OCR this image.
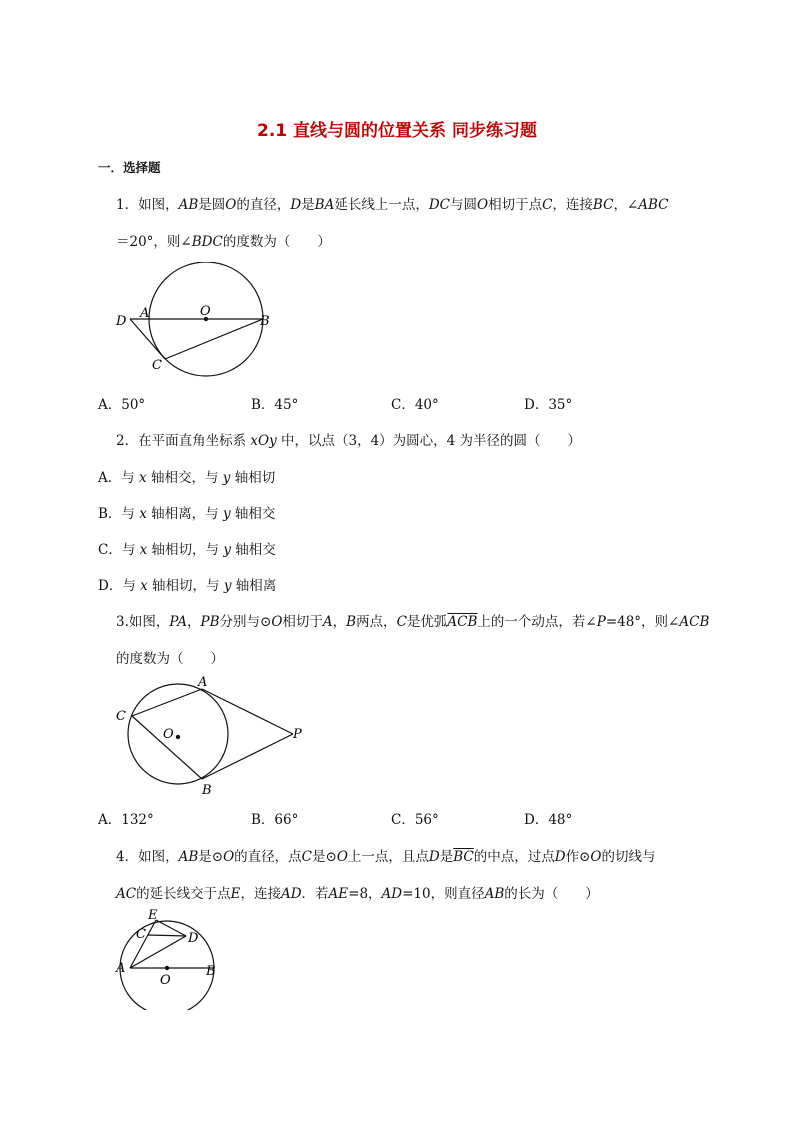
2.1 直线与圆的位置关系 同步练习题
一．选择题
1．如图，AB是圆O的直径，D是BA延长线上一点，DC与圆O相切于点C，连接BC，∠ABC
＝20°，则∠BDC的度数为（　　）
D
A	O
B
C
A．50°	B．45°	C．40°	D．35°
2．在平面直角坐标系 xOy 中，以点（3，4）为圆心，4 为半径的圆（　　）
A．与 x 轴相交，与 y 轴相切
B．与 x 轴相离，与 y 轴相交
C．与 x 轴相切，与 y 轴相交
D．与 x 轴相切，与 y 轴相离
3.如图，PA，PB分别与⊙O相切于A，B两点，C是优弧$\overline{ACB}$上的一个动点，若∠P=48°，则∠ACB
的度数为（　　）
A
C
O	P
B
A．132°	B．66°	C．56°	D．48°
4．如图，AB是⊙O的直径，点C是⊙O上一点，且点D是$\overline{BC}$的中点，过点D作⊙O的切线与
AC的延长线交于点E，连接AD．若AE=8，AD=10，则直径AB的长为（　　）
E
C	D
A
O
B
